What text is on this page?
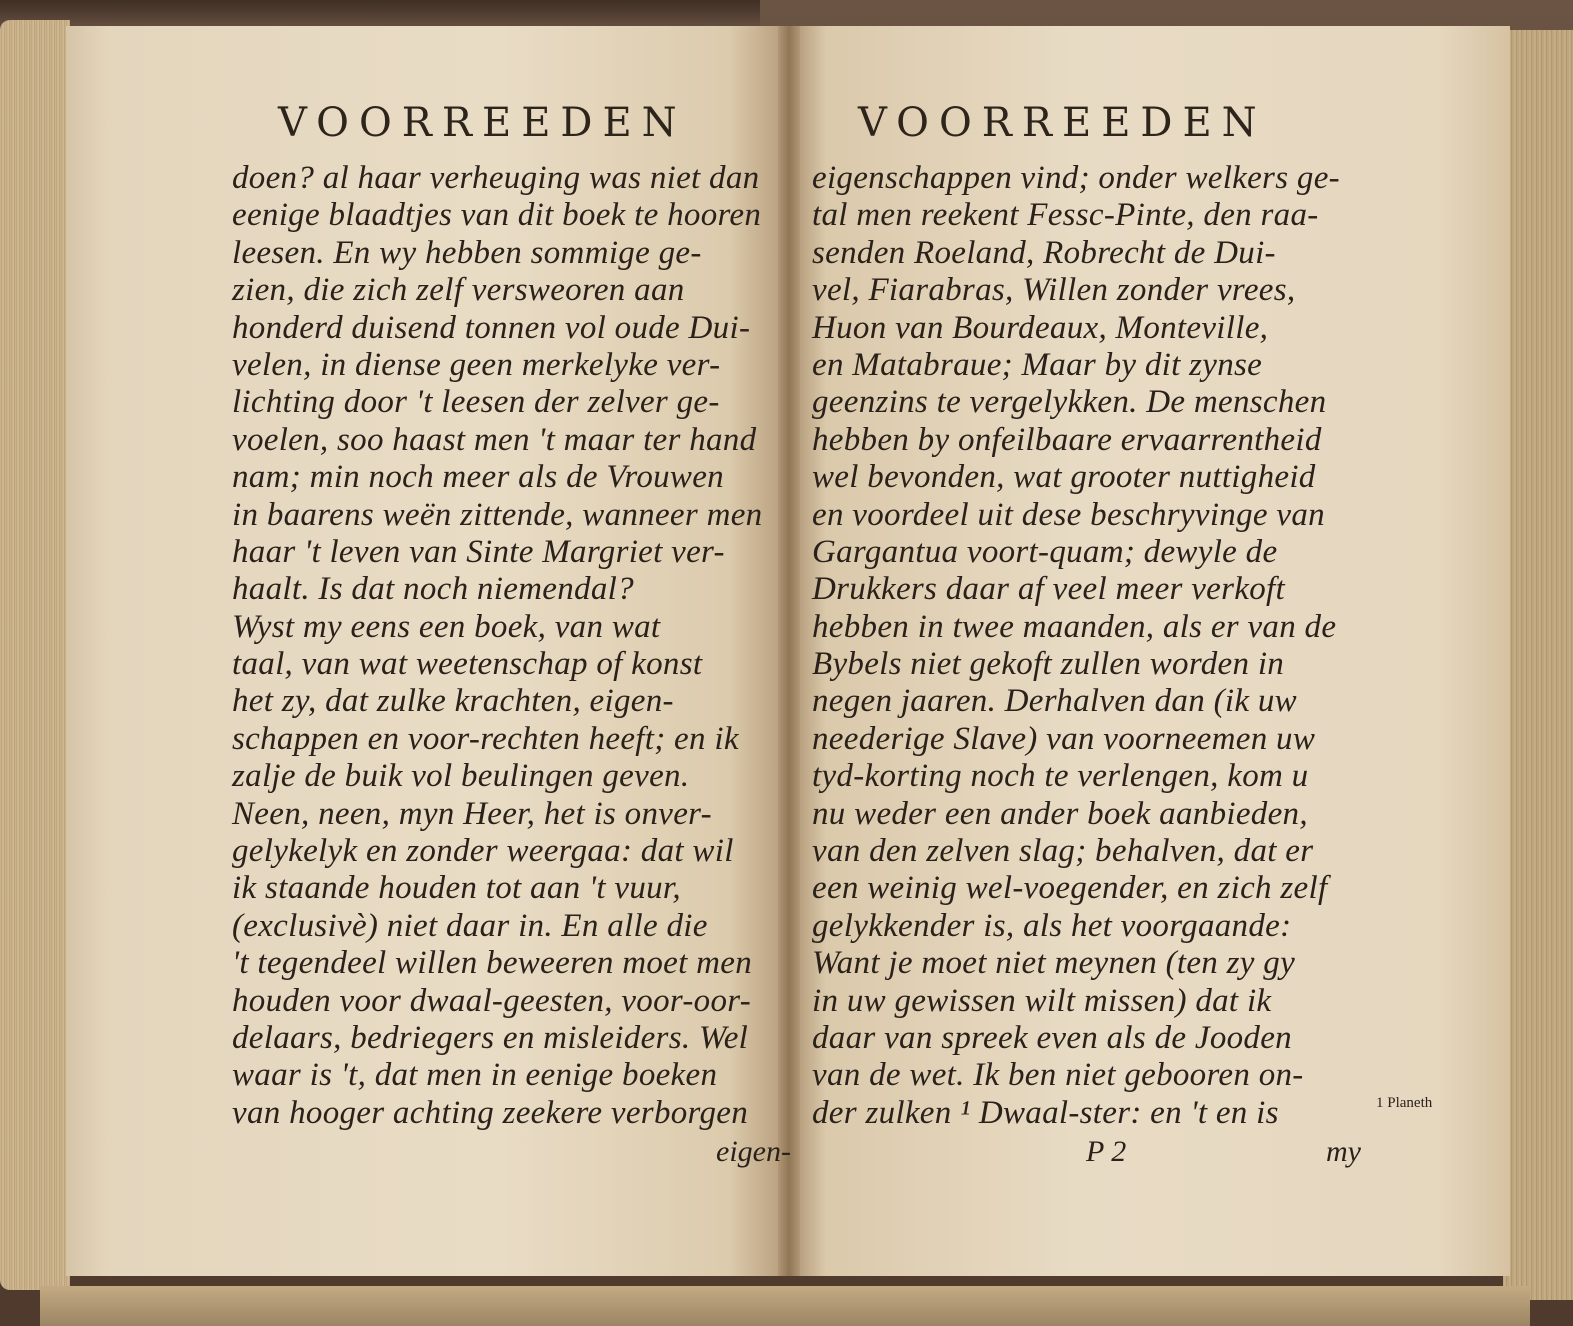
VOORREEDEN	VOORREEDEN
doen? al haar verheuging was niet dan
eenige blaadtjes van dit boek te hooren
leesen. En wy hebben sommige ge-
zien, die zich zelf versweoren aan
honderd duisend tonnen vol oude Dui-
velen, in diense geen merkelyke ver-
lichting door 't leesen der zelver ge-
voelen, soo haast men 't maar ter hand
nam; min noch meer als de Vrouwen
in baarens weën zittende, wanneer men
haar 't leven van Sinte Margriet ver-
haalt. Is dat noch niemendal?
Wyst my eens een boek, van wat
taal, van wat weetenschap of konst
het zy, dat zulke krachten, eigen-
schappen en voor-rechten heeft; en ik
zalje de buik vol beulingen geven.
Neen, neen, myn Heer, het is onver-
gelykelyk en zonder weergaa: dat wil
ik staande houden tot aan 't vuur,
(exclusivè) niet daar in. En alle die
't tegendeel willen beweeren moet men
houden voor dwaal-geesten, voor-oor-
delaars, bedriegers en misleiders. Wel
waar is 't, dat men in eenige boeken
van hooger achting zeekere verborgen
eigenschappen vind; onder welkers ge-
tal men reekent Fessc-Pinte, den raa-
senden Roeland, Robrecht de Dui-
vel, Fiarabras, Willen zonder vrees,
Huon van Bourdeaux, Monteville,
en Matabraue; Maar by dit zynse
geenzins te vergelykken. De menschen
hebben by onfeilbaare ervaarrentheid
wel bevonden, wat grooter nuttigheid
en voordeel uit dese beschryvinge van
Gargantua voort-quam; dewyle de
Drukkers daar af veel meer verkoft
hebben in twee maanden, als er van de
Bybels niet gekoft zullen worden in
negen jaaren. Derhalven dan (ik uw
neederige Slave) van voorneemen uw
tyd-korting noch te verlengen, kom u
nu weder een ander boek aanbieden,
van den zelven slag; behalven, dat er
een weinig wel-voegender, en zich zelf
gelykkender is, als het voorgaande:
Want je moet niet meynen (ten zy gy
in uw gewissen wilt missen) dat ik
daar van spreek even als de Jooden
van de wet. Ik ben niet gebooren on-
der zulken ¹ Dwaal-ster: en 't en is
eigen-	P 2	my
1 Planeth
